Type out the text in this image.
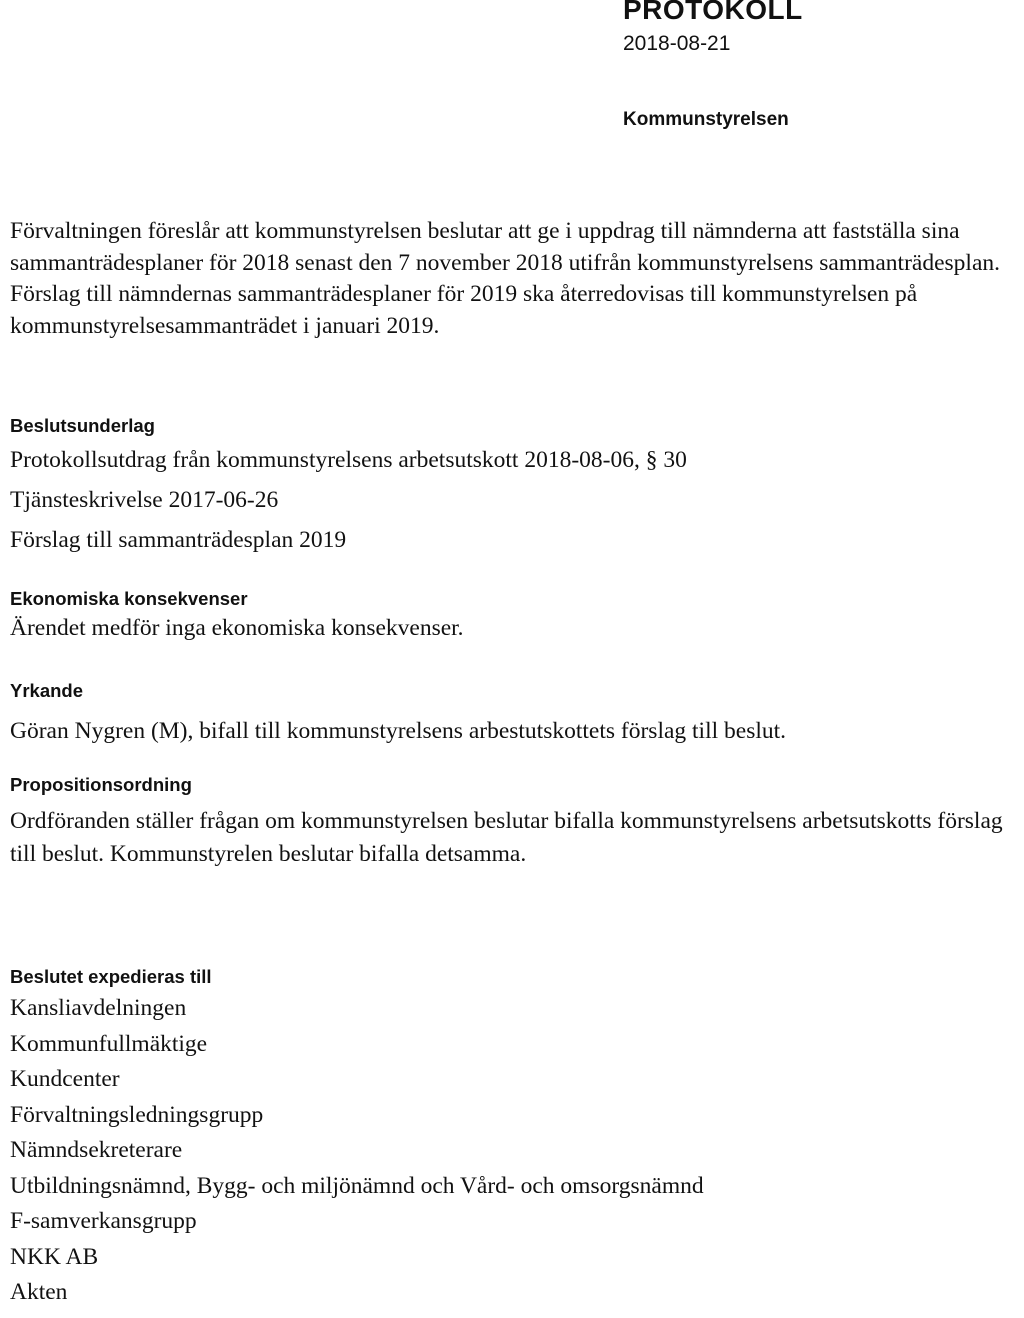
PROTOKOLL
2018-08-21
Kommunstyrelsen

Förvaltningen föreslår att kommunstyrelsen beslutar att ge i uppdrag till nämnderna att fastställa sina sammanträdesplaner för 2018 senast den 7 november 2018 utifrån kommunstyrelsens sammanträdesplan. Förslag till nämndernas sammanträdesplaner för 2019 ska återredovisas till kommunstyrelsen på kommunstyrelsesammanträdet i januari 2019.

Beslutsunderlag
Protokollsutdrag från kommunstyrelsens arbetsutskott 2018-08-06, § 30
Tjänsteskrivelse 2017-06-26
Förslag till sammanträdesplan 2019
Ekonomiska konsekvenser
Ärendet medför inga ekonomiska konsekvenser.
Yrkande
Göran Nygren (M), bifall till kommunstyrelsens arbestutskottets förslag till beslut.
Propositionsordning

Ordföranden ställer frågan om kommunstyrelsen beslutar bifalla kommunstyrelsens arbetsutskotts förslag till beslut. Kommunstyrelen beslutar bifalla detsamma.

Beslutet expedieras till
Kansliavdelningen
Kommunfullmäktige
Kundcenter
Förvaltningsledningsgrupp
Nämndsekreterare
Utbildningsnämnd, Bygg- och miljönämnd och Vård- och omsorgsnämnd
F-samverkansgrupp
NKK AB
Akten
